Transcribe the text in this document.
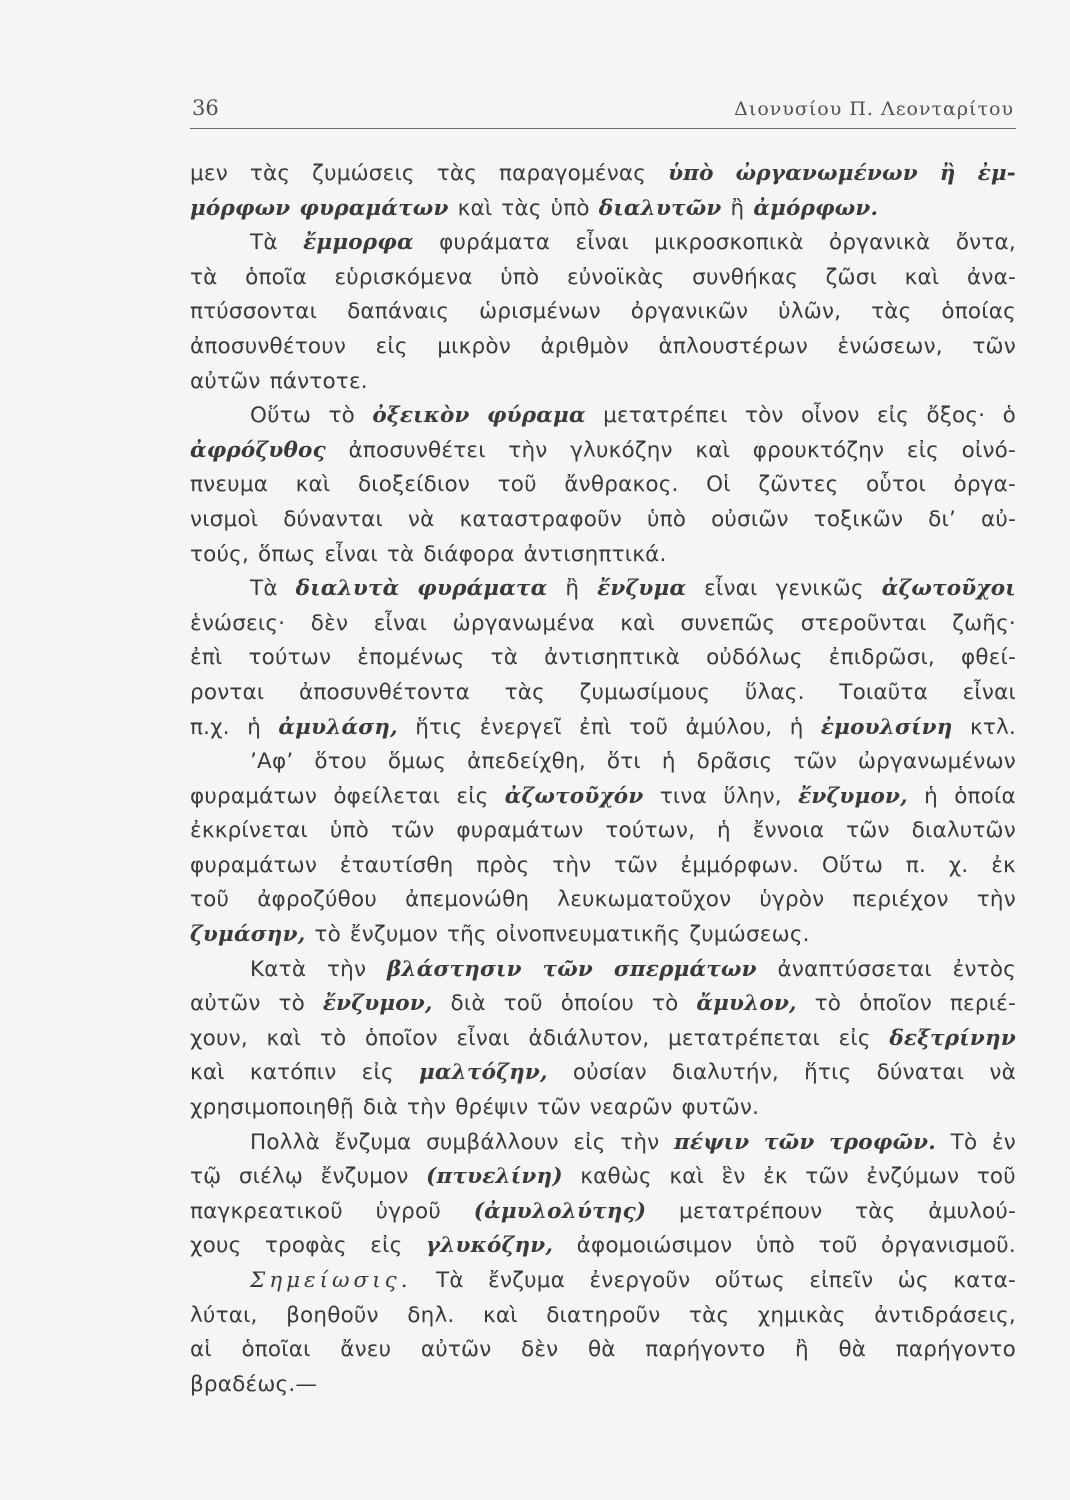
36	Διονυσίου Π. Λεονταρίτου
μεν τὰς ζυμώσεις τὰς παραγομένας ὑπὸ ὠργανωμένων ἢ ἐμ-
μόρφων φυραμάτων καὶ τὰς ὑπὸ διαλυτῶν ἢ ἀμόρφων.
Τὰ ἔμμορφα φυράματα εἶναι μικροσκοπικὰ ὀργανικὰ ὄντα,
τὰ ὁποῖα εὑρισκόμενα ὑπὸ εὐνοϊκὰς συνθήκας ζῶσι καὶ ἀνα-
πτύσσονται δαπάναις ὡρισμένων ὀργανικῶν ὑλῶν, τὰς ὁποίας
ἀποσυνθέτουν εἰς μικρὸν ἀριθμὸν ἁπλουστέρων ἑνώσεων, τῶν
αὐτῶν πάντοτε.
Οὕτω τὸ ὀξεικὸν φύραμα μετατρέπει τὸν οἶνον εἰς ὄξος· ὁ
ἀφρόζυθος ἀποσυνθέτει τὴν γλυκόζην καὶ φρουκτόζην εἰς οἰνό-
πνευμα καὶ διοξείδιον τοῦ ἄνθρακος. Οἱ ζῶντες οὗτοι ὀργα-
νισμοὶ δύνανται νὰ καταστραφοῦν ὑπὸ οὐσιῶν τοξικῶν δι’ αὐ-
τούς, ὅπως εἶναι τὰ διάφορα ἀντισηπτικά.
Τὰ διαλυτὰ φυράματα ἢ ἔνζυμα εἶναι γενικῶς ἀζωτοῦχοι
ἑνώσεις· δὲν εἶναι ὠργανωμένα καὶ συνεπῶς στεροῦνται ζωῆς·
ἐπὶ τούτων ἑπομένως τὰ ἀντισηπτικὰ οὐδόλως ἐπιδρῶσι, φθεί-
ρονται ἀποσυνθέτοντα τὰς ζυμωσίμους ὕλας. Τοιαῦτα εἶναι
π.χ. ἡ ἀμυλάση, ἥτις ἐνεργεῖ ἐπὶ τοῦ ἀμύλου, ἡ ἐμουλσίνη κτλ.
’Αφ’ ὅτου ὅμως ἀπεδείχθη, ὅτι ἡ δρᾶσις τῶν ὠργανωμένων
φυραμάτων ὀφείλεται εἰς ἀζωτοῦχόν τινα ὕλην, ἔνζυμον, ἡ ὁποία
ἐκκρίνεται ὑπὸ τῶν φυραμάτων τούτων, ἡ ἔννοια τῶν διαλυτῶν
φυραμάτων ἐταυτίσθη πρὸς τὴν τῶν ἐμμόρφων. Οὕτω π. χ. ἐκ
τοῦ ἀφροζύθου ἀπεμονώθη λευκωματοῦχον ὑγρὸν περιέχον τὴν
ζυμάσην, τὸ ἔνζυμον τῆς οἰνοπνευματικῆς ζυμώσεως.
Κατὰ τὴν βλάστησιν τῶν σπερμάτων ἀναπτύσσεται ἐντὸς
αὐτῶν τὸ ἔνζυμον, διὰ τοῦ ὁποίου τὸ ἄμυλον, τὸ ὁποῖον περιέ-
χουν, καὶ τὸ ὁποῖον εἶναι ἀδιάλυτον, μετατρέπεται εἰς δεξτρίνην
καὶ κατόπιν εἰς μαλτόζην, οὐσίαν διαλυτήν, ἥτις δύναται νὰ
χρησιμοποιηθῇ διὰ τὴν θρέψιν τῶν νεαρῶν φυτῶν.
Πολλὰ ἔνζυμα συμβάλλουν εἰς τὴν πέψιν τῶν τροφῶν. Τὸ ἐν
τῷ σιέλῳ ἔνζυμον (πτυελίνη) καθὼς καὶ ἓν ἐκ τῶν ἐνζύμων τοῦ
παγκρεατικοῦ ὑγροῦ (ἀμυλολύτης) μετατρέπουν τὰς ἀμυλού-
χους τροφὰς εἰς γλυκόζην, ἀφομοιώσιμον ὑπὸ τοῦ ὀργανισμοῦ.
Σημείωσις. Τὰ ἔνζυμα ἐνεργοῦν οὕτως εἰπεῖν ὡς κατα-
λύται, βοηθοῦν δηλ. καὶ διατηροῦν τὰς χημικὰς ἀντιδράσεις,
αἱ ὁποῖαι ἄνευ αὐτῶν δὲν θὰ παρήγοντο ἢ θὰ παρήγοντο
βραδέως.—
